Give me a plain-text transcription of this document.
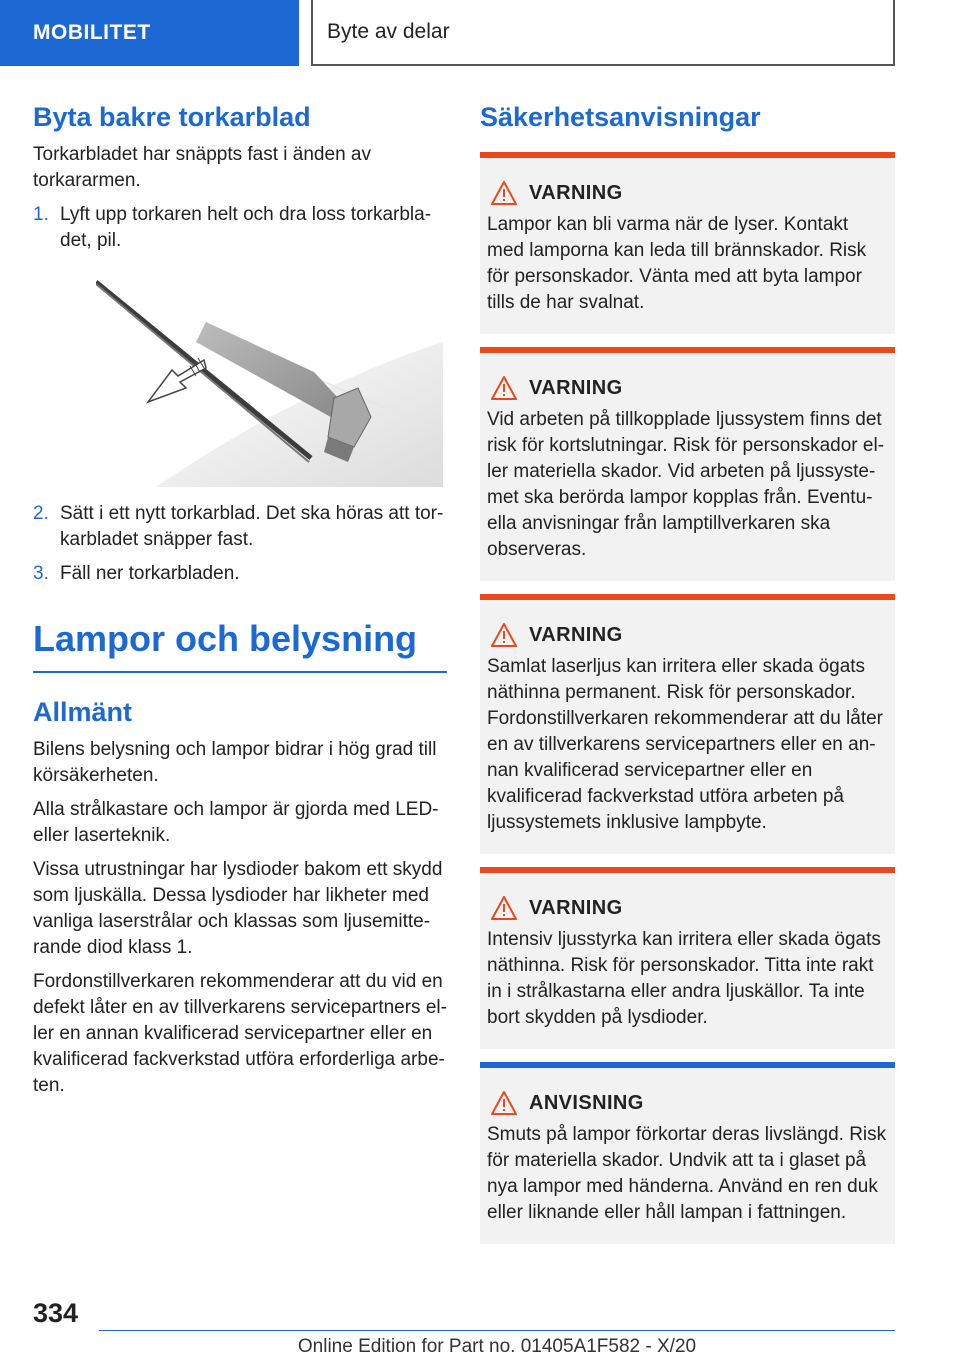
MOBILITET	Byte av delar
Byta bakre torkarblad

Torkarbladet har snäppts fast i änden av torkararmen.

1. Lyft upp torkaren helt och dra loss torkarbladet, pil.
2. Sätt i ett nytt torkarblad. Det ska höras att torkarbladet snäpper fast.
3. Fäll ner torkarbladen.
Lampor och belysning
Allmänt

Bilens belysning och lampor bidrar i hög grad till körsäkerheten.

Alla strålkastare och lampor är gjorda med LED- eller laserteknik.

Vissa utrustningar har lysdioder bakom ett skydd som ljuskälla. Dessa lysdioder har likheter med vanliga laserstrålar och klassas som ljusemitterande diod klass 1.

Fordonstillverkaren rekommenderar att du vid en defekt låter en av tillverkarens servicepartners eller en annan kvalificerad servicepartner eller en kvalificerad fackverkstad utföra erforderliga arbeten.

Säkerhetsanvisningar
VARNING
Lampor kan bli varma när de lyser. Kontakt med lamporna kan leda till brännskador. Risk för personskador. Vänta med att byta lampor tills de har svalnat.
VARNING
Vid arbeten på tillkopplade ljussystem finns det risk för kortslutningar. Risk för personskador eller materiella skador. Vid arbeten på ljussystemet ska berörda lampor kopplas från. Eventuella anvisningar från lamptillverkaren ska observeras.
VARNING
Samlat laserljus kan irritera eller skada ögats näthinna permanent. Risk för personskador. Fordonstillverkaren rekommenderar att du låter en av tillverkarens servicepartners eller en annan kvalificerad servicepartner eller en kvalificerad fackverkstad utföra arbeten på ljussystemets inklusive lampbyte.
VARNING
Intensiv ljusstyrka kan irritera eller skada ögats näthinna. Risk för personskador. Titta inte rakt in i strålkastarna eller andra ljuskällor. Ta inte bort skydden på lysdioder.
ANVISNING
Smuts på lampor förkortar deras livslängd. Risk för materiella skador. Undvik att ta i glaset på nya lampor med händerna. Använd en ren duk eller liknande eller håll lampan i fattningen.
334
Online Edition for Part no. 01405A1F582 - X/20
